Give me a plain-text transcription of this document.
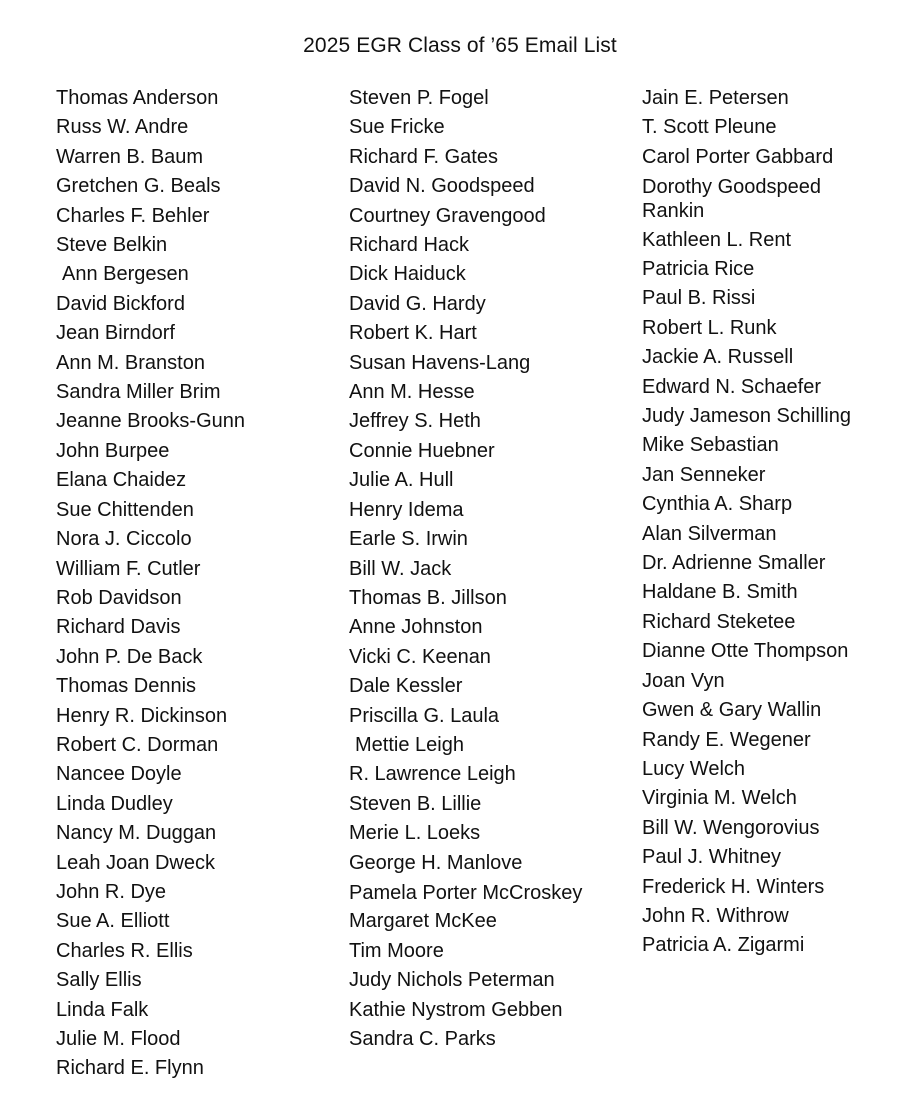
2025 EGR Class of ’65 Email List
Thomas Anderson
Russ W. Andre
Warren B. Baum
Gretchen G. Beals
Charles F. Behler
Steve Belkin
Ann Bergesen
David Bickford
Jean Birndorf
Ann M. Branston
Sandra Miller Brim
Jeanne Brooks-Gunn
John Burpee
Elana Chaidez
Sue Chittenden
Nora J. Ciccolo
William F. Cutler
Rob Davidson
Richard Davis
John P. De Back
Thomas Dennis
Henry R. Dickinson
Robert C. Dorman
Nancee Doyle
Linda Dudley
Nancy M. Duggan
Leah Joan Dweck
John R. Dye
Sue A. Elliott
Charles R. Ellis
Sally Ellis
Linda Falk
Julie M. Flood
Richard E. Flynn
Steven P. Fogel
Sue Fricke
Richard F. Gates
David N. Goodspeed
Courtney Gravengood
Richard Hack
Dick Haiduck
David G. Hardy
Robert K. Hart
Susan Havens-Lang
Ann M. Hesse
Jeffrey S. Heth
Connie Huebner
Julie A. Hull
Henry Idema
Earle S. Irwin
Bill W. Jack
Thomas B. Jillson
Anne Johnston
Vicki C. Keenan
Dale Kessler
Priscilla G. Laula
Mettie Leigh
R. Lawrence Leigh
Steven B. Lillie
Merie L. Loeks
George H. Manlove
Pamela Porter McCroskey
Margaret McKee
Tim Moore
Judy Nichols Peterman
Kathie Nystrom Gebben
Sandra C. Parks
Jain E. Petersen
T. Scott Pleune
Carol Porter Gabbard
Dorothy Goodspeed Rankin
Kathleen L. Rent
Patricia Rice
Paul B. Rissi
Robert L. Runk
Jackie A. Russell
Edward N. Schaefer
Judy Jameson Schilling
Mike Sebastian
Jan Senneker
Cynthia A. Sharp
Alan Silverman
Dr. Adrienne Smaller
Haldane B. Smith
Richard Steketee
Dianne Otte Thompson
Joan Vyn
Gwen & Gary Wallin
Randy E. Wegener
Lucy Welch
Virginia M. Welch
Bill W. Wengorovius
Paul J. Whitney
Frederick H. Winters
John R. Withrow
Patricia A. Zigarmi
